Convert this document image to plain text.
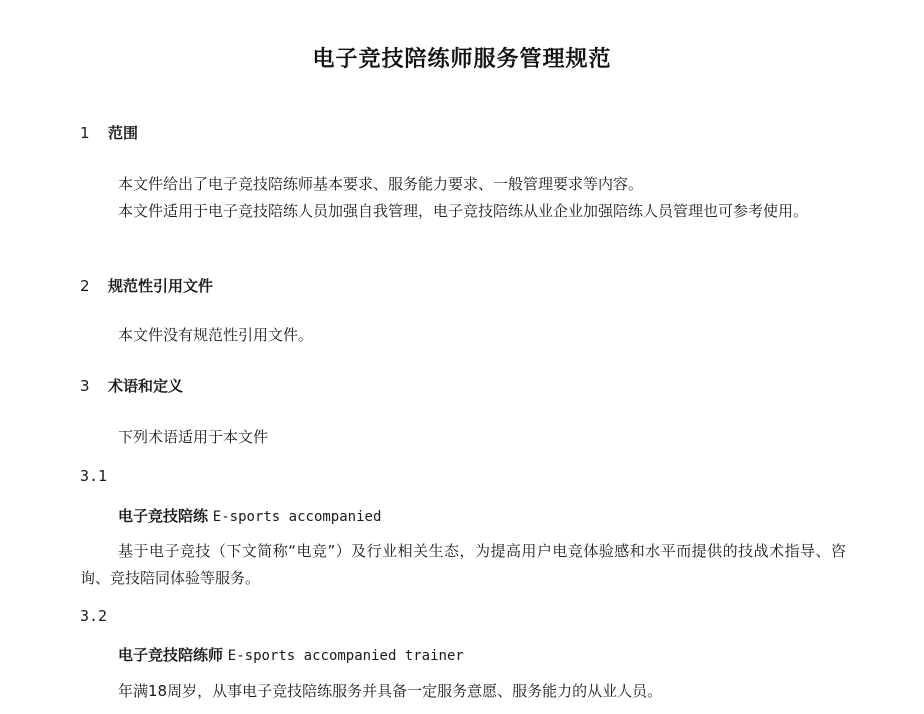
电子竞技陪练师服务管理规范
1 范围

本文件给出了电子竞技陪练师基本要求、服务能力要求、一般管理要求等内容。

本文件适用于电子竞技陪练人员加强自我管理，电子竞技陪练从业企业加强陪练人员管理也可参考使用。

2 规范性引用文件

本文件没有规范性引用文件。

3 术语和定义

下列术语适用于本文件

3.1
电子竞技陪练 E-sports accompanied

基于电子竞技（下文简称“电竞”）及行业相关生态，为提高用户电竞体验感和水平而提供的技战术指导、咨询、竞技陪同体验等服务。

3.2
电子竞技陪练师 E-sports accompanied trainer

年满18周岁，从事电子竞技陪练服务并具备一定服务意愿、服务能力的从业人员。
